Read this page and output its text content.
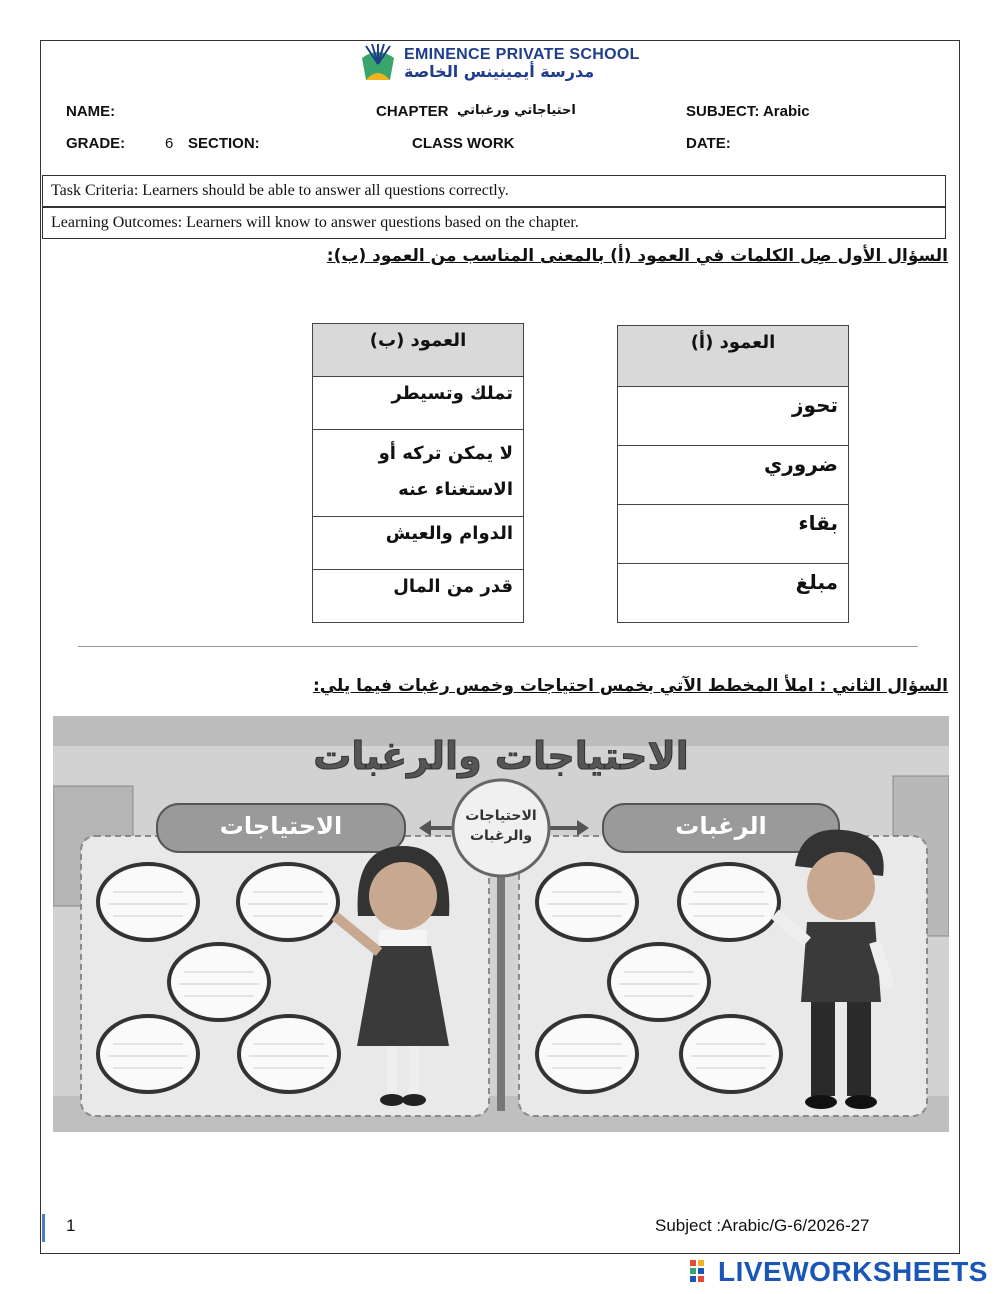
EMINENCE PRIVATE SCHOOL
مدرسة أيمينينس الخاصة
NAME:	CHAPTER احتياجاتي ورغباتي	SUBJECT: Arabic
GRADE:	6 SECTION:	CLASS WORK	DATE:
Task Criteria: Learners should be able to answer all questions correctly.
Learning Outcomes: Learners will know to answer questions based on the chapter.
السؤال الأول صِل الكلمات في العمود (أ) بالمعنى المناسب من العمود (ب):
العمود (ب)
تملك وتسيطر
لا يمكن تركه أو الاستغناء عنه
الدوام والعيش
قدر من المال
العمود (أ)
تحوز
ضروري
بقاء
مبلغ
السؤال الثاني : املأ المخطط الآتي بخمس احتياجات وخمس رغبات فيما يلي:
الاحتياجات والرغبات
الاحتياجات	الرغبات
الاحتياجات والرغبات
1	Subject :Arabic/G-6/2026-27
LIVEWORKSHEETS
